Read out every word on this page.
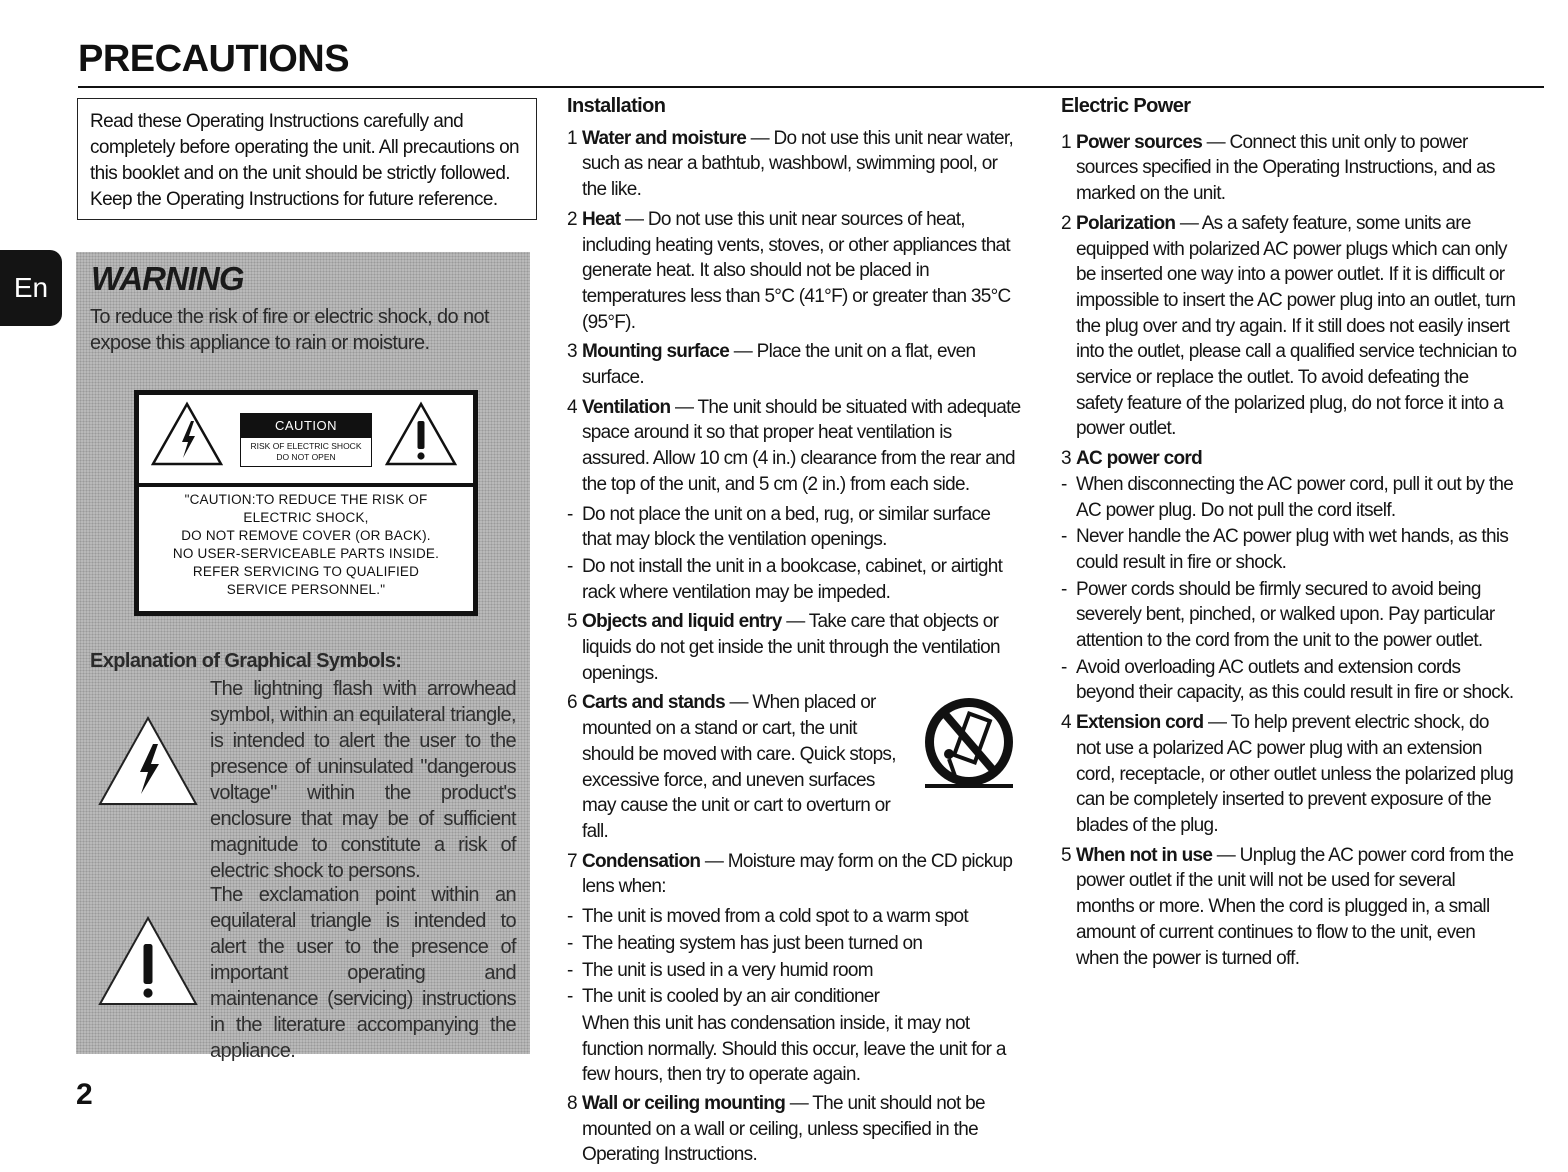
PRECAUTIONS
En

Read these Operating Instructions carefully and completely before operating the unit. All precautions on this booklet and on the unit should be strictly followed.

Keep the Operating Instructions for future reference.

WARNING
To reduce the risk of fire or electric shock, do not expose this appliance to rain or moisture.
CAUTION
RISK OF ELECTRIC SHOCK
DO NOT OPEN
"CAUTION:TO REDUCE THE RISK OF
ELECTRIC SHOCK,
DO NOT REMOVE COVER (OR BACK).
NO USER-SERVICEABLE PARTS INSIDE.
REFER SERVICING TO QUALIFIED
SERVICE PERSONNEL."
Explanation of Graphical Symbols:
The lightning flash with arrowhead symbol, within an equilateral triangle, is intended to alert the user to the presence of uninsulated "dangerous voltage" within the product's enclosure that may be of sufficient magnitude to constitute a risk of electric shock to persons.
The exclamation point within an equilateral triangle is intended to alert the user to the presence of important operating and maintenance (servicing) instructions in the literature accompanying the appliance.
Installation
1 Water and moisture — Do not use this unit near water, such as near a bathtub, washbowl, swimming pool, or the like.
2 Heat — Do not use this unit near sources of heat, including heating vents, stoves, or other appliances that generate heat. It also should not be placed in temperatures less than 5°C (41°F) or greater than 35°C (95°F).
3 Mounting surface — Place the unit on a flat, even surface.
4 Ventilation — The unit should be situated with adequate space around it so that proper heat ventilation is assured. Allow 10 cm (4 in.) clearance from the rear and the top of the unit, and 5 cm (2 in.) from each side.
- Do not place the unit on a bed, rug, or similar surface that may block the ventilation openings.
- Do not install the unit in a bookcase, cabinet, or airtight rack where ventilation may be impeded.
5 Objects and liquid entry — Take care that objects or liquids do not get inside the unit through the ventilation openings.
6 Carts and stands — When placed or mounted on a stand or cart, the unit should be moved with care. Quick stops, excessive force, and uneven surfaces may cause the unit or cart to overturn or fall.
7 Condensation — Moisture may form on the CD pickup lens when:
- The unit is moved from a cold spot to a warm spot
- The heating system has just been turned on
- The unit is used in a very humid room
- The unit is cooled by an air conditioner
When this unit has condensation inside, it may not function normally. Should this occur, leave the unit for a few hours, then try to operate again.
8 Wall or ceiling mounting — The unit should not be mounted on a wall or ceiling, unless specified in the Operating Instructions.
Electric Power
1 Power sources — Connect this unit only to power sources specified in the Operating Instructions, and as marked on the unit.
2 Polarization — As a safety feature, some units are equipped with polarized AC power plugs which can only be inserted one way into a power outlet. If it is difficult or impossible to insert the AC power plug into an outlet, turn the plug over and try again. If it still does not easily insert into the outlet, please call a qualified service technician to service or replace the outlet. To avoid defeating the safety feature of the polarized plug, do not force it into a power outlet.
3 AC power cord
- When disconnecting the AC power cord, pull it out by the AC power plug. Do not pull the cord itself.
- Never handle the AC power plug with wet hands, as this could result in fire or shock.
- Power cords should be firmly secured to avoid being severely bent, pinched, or walked upon. Pay particular attention to the cord from the unit to the power outlet.
- Avoid overloading AC outlets and extension cords beyond their capacity, as this could result in fire or shock.
4 Extension cord — To help prevent electric shock, do not use a polarized AC power plug with an extension cord, receptacle, or other outlet unless the polarized plug can be completely inserted to prevent exposure of the blades of the plug.
5 When not in use — Unplug the AC power cord from the power outlet if the unit will not be used for several months or more. When the cord is plugged in, a small amount of current continues to flow to the unit, even when the power is turned off.
2
